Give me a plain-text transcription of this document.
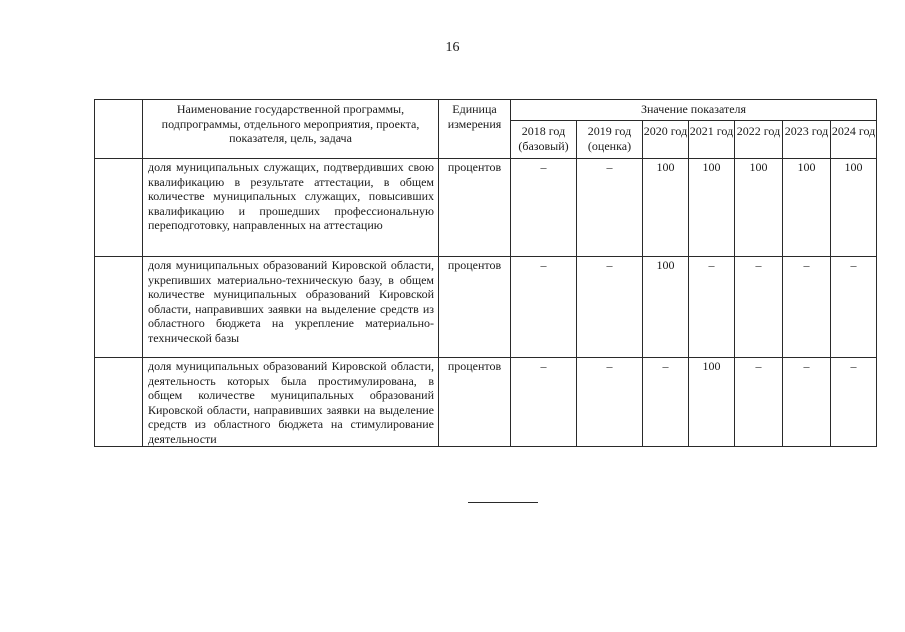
16
	Наименование государственной программы, подпрограммы, отдельного мероприятия, проекта, показателя, цель, задача	Единица измерения	Значение показателя						
			2018 год (базовый)	2019 год (оценка)	2020 год	2021 год	2022 год	2023 год	2024 год
	доля муниципальных служащих, подтвердивших свою квалификацию в результате аттестации, в общем количестве муниципальных служащих, повысивших квалификацию и прошедших профессиональную переподготовку, направленных на аттестацию	процентов	–	–	100	100	100	100	100
	доля муниципальных образований Кировской области, укрепивших материально-техническую базу, в общем количестве муниципальных образований Кировской области, направивших заявки на выделение средств из областного бюджета на укрепление материально-технической базы	процентов	–	–	100	–	–	–	–
	доля муниципальных образований Кировской области, деятельность которых была простимулирована, в общем количестве муниципальных образований Кировской области, направивших заявки на выделение средств из областного бюджета на стимулирование деятельности	процентов	–	–	–	100	–	–	–
